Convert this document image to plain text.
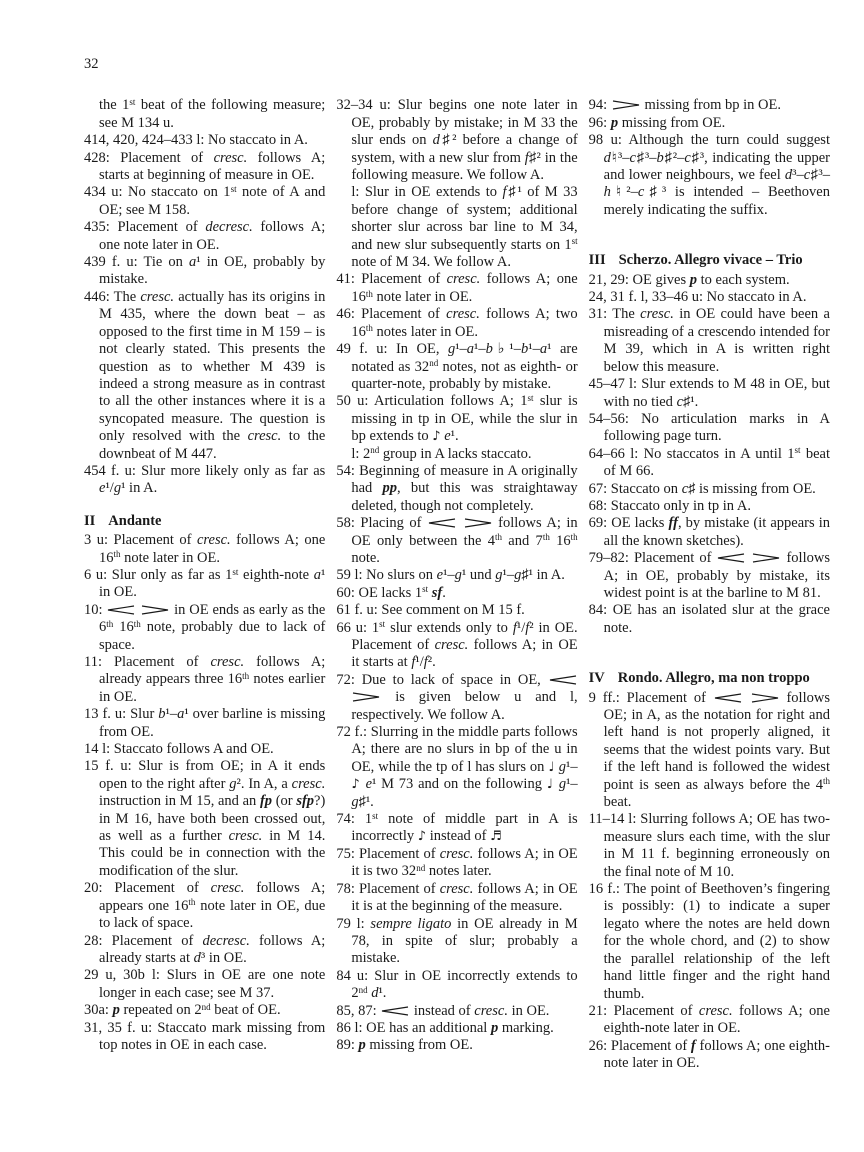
32

the 1st beat of the following measure; see M 134 u.

414, 420, 424–433 l: No staccato in A.

428: Placement of cresc. follows A; starts at beginning of measure in OE.

434 u: No staccato on 1st note of A and OE; see M 158.

435: Placement of decresc. follows A; one note later in OE.

439 f. u: Tie on a¹ in OE, probably by mistake.

446: The cresc. actually has its origins in M 435, where the down beat – as opposed to the first time in M 159 – is not clearly stated. This presents the question as to whether M 439 is indeed a strong measure as in contrast to all the other instances where it is a syncopated measure. The question is only resolved with the cresc. to the downbeat of M 447.

454 f. u: Slur more likely only as far as e¹/g¹ in A.

II Andante

3 u: Placement of cresc. follows A; one 16th note later in OE.

6 u: Slur only as far as 1st eighth-note a¹ in OE.

10:	in OE ends as early as the 6th 16th note, probably due to lack of space.

11: Placement of cresc. follows A; already appears three 16th notes earlier in OE.

13 f. u: Slur b¹–a¹ over barline is missing from OE.

14 l: Staccato follows A and OE.

15 f. u: Slur is from OE; in A it ends open to the right after g². In A, a cresc. instruction in M 15, and an fp (or sfp?) in M 16, have both been crossed out, as well as a further cresc. in M 14. This could be in connection with the modification of the slur.

20: Placement of cresc. follows A; appears one 16th note later in OE, due to lack of space.

28: Placement of decresc. follows A; already starts at d³ in OE.

29 u, 30b l: Slurs in OE are one note longer in each case; see M 37.

30a: p repeated on 2nd beat of OE.

31, 35 f. u: Staccato mark missing from top notes in OE in each case.

32–34 u: Slur begins one note later in OE, probably by mistake; in M 33 the slur ends on d♯² before a change of system, with a new slur from f♯² in the following measure. We follow A.
l: Slur in OE extends to f♯¹ of M 33 before change of system; additional shorter slur across bar line to M 34, and new slur subsequently starts on 1st note of M 34. We follow A.

41: Placement of cresc. follows A; one 16th note later in OE.

46: Placement of cresc. follows A; two 16th notes later in OE.

49 f. u: In OE, g¹–a¹–b♭¹–b¹–a¹ are notated as 32nd notes, not as eighth- or quarter-note, probably by mistake.

50 u: Articulation follows A; 1st slur is missing in tp in OE, while the slur in bp extends to ♪ e¹.
l: 2nd group in A lacks staccato.

54: Beginning of measure in A originally had pp, but this was straightaway deleted, though not completely.

58: Placing of	follows A; in OE only between the 4th and 7th 16th note.

59 l: No slurs on e¹–g¹ und g¹–g♯¹ in A.

60: OE lacks 1st sf.

61 f. u: See comment on M 15 f.

66 u: 1st slur extends only to f¹/f² in OE. Placement of cresc. follows A; in OE it starts at f¹/f².

72: Due to lack of space in OE,   is given below u and l, respectively. We follow A.

72 f.: Slurring in the middle parts follows A; there are no slurs in bp of the u in OE, while the tp of l has slurs on ♩ g¹–♪ e¹ M 73 and on the following ♩ g¹–g♯¹.

74: 1st note of middle part in A is incorrectly ♪ instead of ♬

75: Placement of cresc. follows A; in OE it is two 32nd notes later.

78: Placement of cresc. follows A; in OE it is at the beginning of the measure.

79 l: sempre ligato in OE already in M 78, in spite of slur; probably a mistake.

84 u: Slur in OE incorrectly extends to 2nd d¹.

85, 87:  instead of cresc. in OE.

86 l: OE has an additional p marking.

89: p missing from OE.

94:  missing from bp in OE.

96: p missing from OE.

98 u: Although the turn could suggest d♮³–c♯³–b♯²–c♯³, indicating the upper and lower neighbours, we feel d³–c♯³–h♮²–c♯³ is intended – Beethoven merely indicating the suffix.

III Scherzo. Allegro vivace – Trio

21, 29: OE gives p to each system.

24, 31 f. l, 33–46 u: No staccato in A.

31: The cresc. in OE could have been a misreading of a crescendo intended for M 39, which in A is written right below this measure.

45–47 l: Slur extends to M 48 in OE, but with no tied c♯¹.

54–56: No articulation marks in A following page turn.

64–66 l: No staccatos in A until 1st beat of M 66.

67: Staccato on c♯ is missing from OE.

68: Staccato only in tp in A.

69: OE lacks ff, by mistake (it appears in all the known sketches).

79–82: Placement of	follows A; in OE, probably by mistake, its widest point is at the barline to M 81.

84: OE has an isolated slur at the grace note.

IV Rondo. Allegro, ma non troppo

9 ff.: Placement of	follows OE; in A, as the notation for right and left hand is not properly aligned, it seems that the widest points vary. But if the left hand is followed the widest point is seen as always before the 4th beat.

11–14 l: Slurring follows A; OE has two-measure slurs each time, with the slur in M 11 f. beginning erroneously on the final note of M 10.

16 f.: The point of Beethoven’s fingering is possibly: (1) to indicate a super legato where the notes are held down for the whole chord, and (2) to show the parallel relationship of the left hand little finger and the right hand thumb.

21: Placement of cresc. follows A; one eighth-note later in OE.

26: Placement of f follows A; one eighth-note later in OE.
